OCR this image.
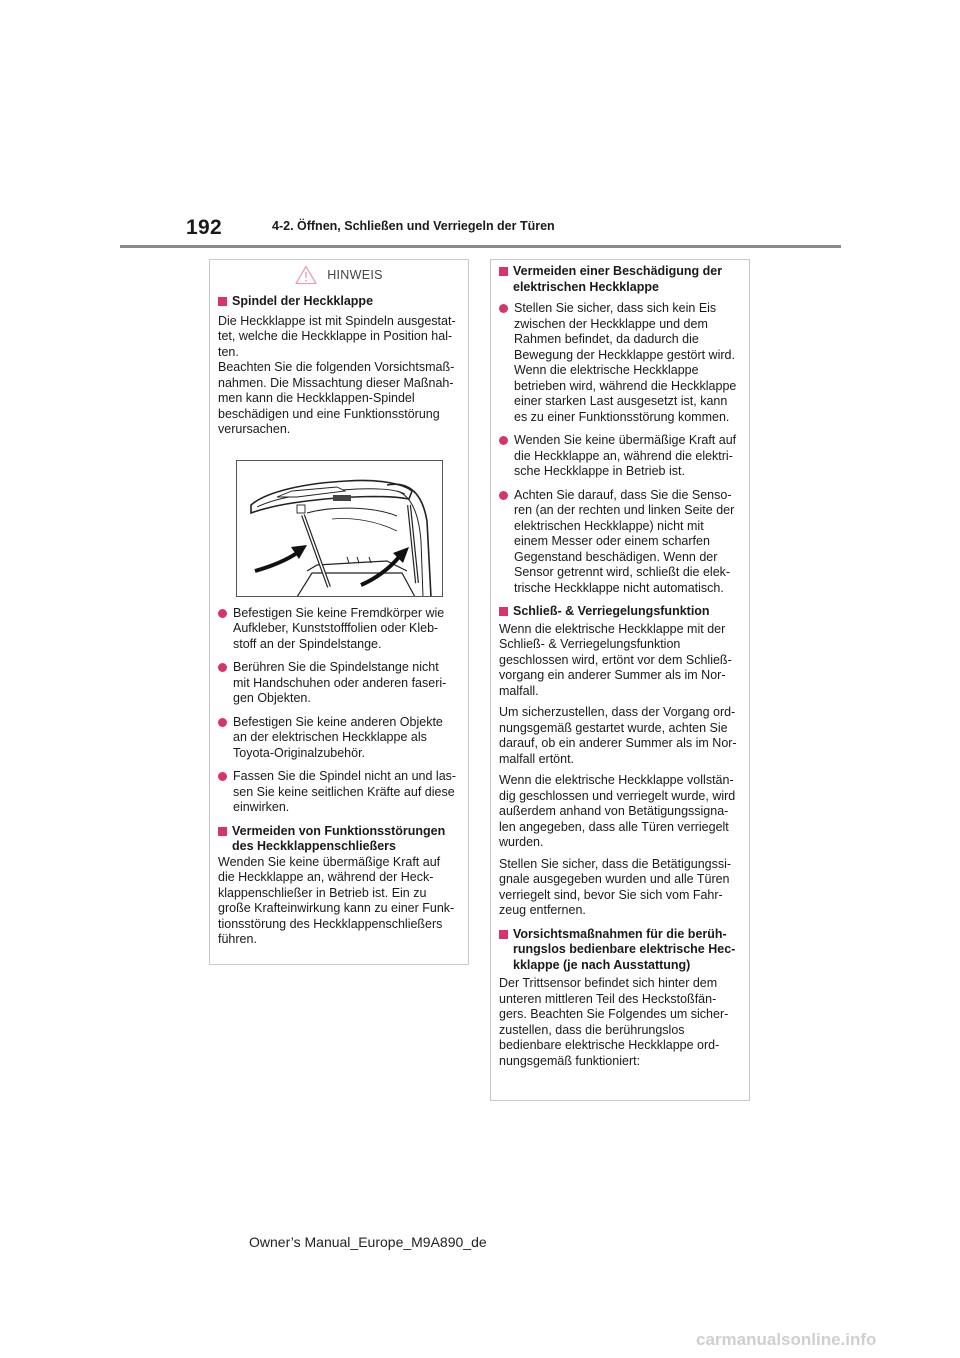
192	4-2. Öffnen, Schließen und Verriegeln der Türen
HINWEIS

Spindel der Heckklappe

Die Heckklappe ist mit Spindeln ausgestat-
tet, welche die Heckklappe in Position hal-
ten.
Beachten Sie die folgenden Vorsichtsmaß-
nahmen. Die Missachtung dieser Maßnah-
men kann die Heckklappen-Spindel
beschädigen und eine Funktionsstörung
verursachen.

Befestigen Sie keine Fremdkörper wie
Aufkleber, Kunststofffolien oder Kleb-
stoff an der Spindelstange.

Berühren Sie die Spindelstange nicht
mit Handschuhen oder anderen faseri-
gen Objekten.

Befestigen Sie keine anderen Objekte
an der elektrischen Heckklappe als
Toyota-Originalzubehör.

Fassen Sie die Spindel nicht an und las-
sen Sie keine seitlichen Kräfte auf diese
einwirken.

Vermeiden von Funktionsstörungen
des Heckklappenschließers

Wenden Sie keine übermäßige Kraft auf
die Heckklappe an, während der Heck-
klappenschließer in Betrieb ist. Ein zu
große Krafteinwirkung kann zu einer Funk-
tionsstörung des Heckklappenschließers
führen.

Vermeiden einer Beschädigung der
elektrischen Heckklappe

Stellen Sie sicher, dass sich kein Eis
zwischen der Heckklappe und dem
Rahmen befindet, da dadurch die
Bewegung der Heckklappe gestört wird.
Wenn die elektrische Heckklappe
betrieben wird, während die Heckklappe
einer starken Last ausgesetzt ist, kann
es zu einer Funktionsstörung kommen.

Wenden Sie keine übermäßige Kraft auf
die Heckklappe an, während die elektri-
sche Heckklappe in Betrieb ist.

Achten Sie darauf, dass Sie die Senso-
ren (an der rechten und linken Seite der
elektrischen Heckklappe) nicht mit
einem Messer oder einem scharfen
Gegenstand beschädigen. Wenn der
Sensor getrennt wird, schließt die elek-
trische Heckklappe nicht automatisch.

Schließ- & Verriegelungsfunktion

Wenn die elektrische Heckklappe mit der
Schließ- & Verriegelungsfunktion
geschlossen wird, ertönt vor dem Schließ-
vorgang ein anderer Summer als im Nor-
malfall.

Um sicherzustellen, dass der Vorgang ord-
nungsgemäß gestartet wurde, achten Sie
darauf, ob ein anderer Summer als im Nor-
malfall ertönt.

Wenn die elektrische Heckklappe vollstän-
dig geschlossen und verriegelt wurde, wird
außerdem anhand von Betätigungssigna-
len angegeben, dass alle Türen verriegelt
wurden.

Stellen Sie sicher, dass die Betätigungssi-
gnale ausgegeben wurden und alle Türen
verriegelt sind, bevor Sie sich vom Fahr-
zeug entfernen.

Vorsichtsmaßnahmen für die berüh-
rungslos bedienbare elektrische Hec-
kklappe (je nach Ausstattung)

Der Trittsensor befindet sich hinter dem
unteren mittleren Teil des Heckstoßfän-
gers. Beachten Sie Folgendes um sicher-
zustellen, dass die berührungslos
bedienbare elektrische Heckklappe ord-
nungsgemäß funktioniert:

Owner’s Manual_Europe_M9A890_de
carmanualsonline.info
